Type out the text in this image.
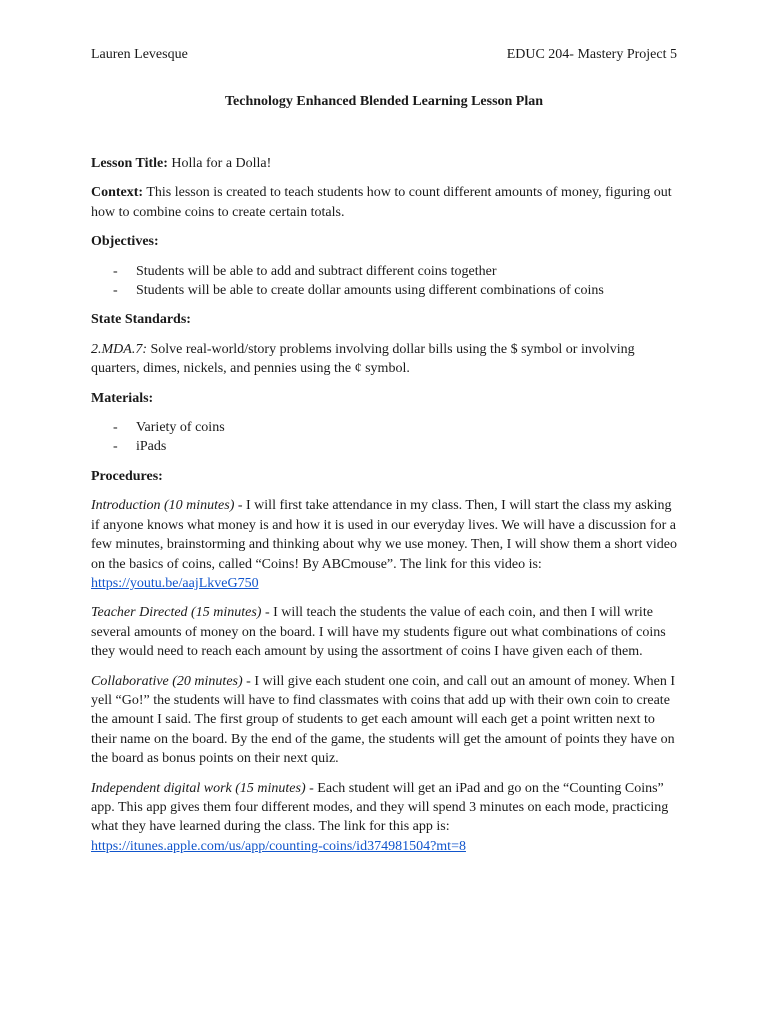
Lauren Levesque	EDUC 204- Mastery Project 5
Technology Enhanced Blended Learning Lesson Plan

Lesson Title: Holla for a Dolla!

Context: This lesson is created to teach students how to count different amounts of money, figuring out how to combine coins to create certain totals.

Objectives:

- Students will be able to add and subtract different coins together
- Students will be able to create dollar amounts using different combinations of coins

State Standards:

2.MDA.7: Solve real-world/story problems involving dollar bills using the $ symbol or involving quarters, dimes, nickels, and pennies using the ¢ symbol.

Materials:

- Variety of coins
- iPads

Procedures:

Introduction (10 minutes) - I will first take attendance in my class. Then, I will start the class my asking if anyone knows what money is and how it is used in our everyday lives. We will have a discussion for a few minutes, brainstorming and thinking about why we use money. Then, I will show them a short video on the basics of coins, called “Coins! By ABCmouse”. The link for this video is:
https://youtu.be/aajLkveG750

Teacher Directed (15 minutes) - I will teach the students the value of each coin, and then I will write several amounts of money on the board. I will have my students figure out what combinations of coins they would need to reach each amount by using the assortment of coins I have given each of them.

Collaborative (20 minutes) - I will give each student one coin, and call out an amount of money. When I yell “Go!” the students will have to find classmates with coins that add up with their own coin to create the amount I said. The first group of students to get each amount will each get a point written next to their name on the board. By the end of the game, the students will get the amount of points they have on the board as bonus points on their next quiz.

Independent digital work (15 minutes) - Each student will get an iPad and go on the “Counting Coins” app. This app gives them four different modes, and they will spend 3 minutes on each mode, practicing what they have learned during the class. The link for this app is:
https://itunes.apple.com/us/app/counting-coins/id374981504?mt=8
